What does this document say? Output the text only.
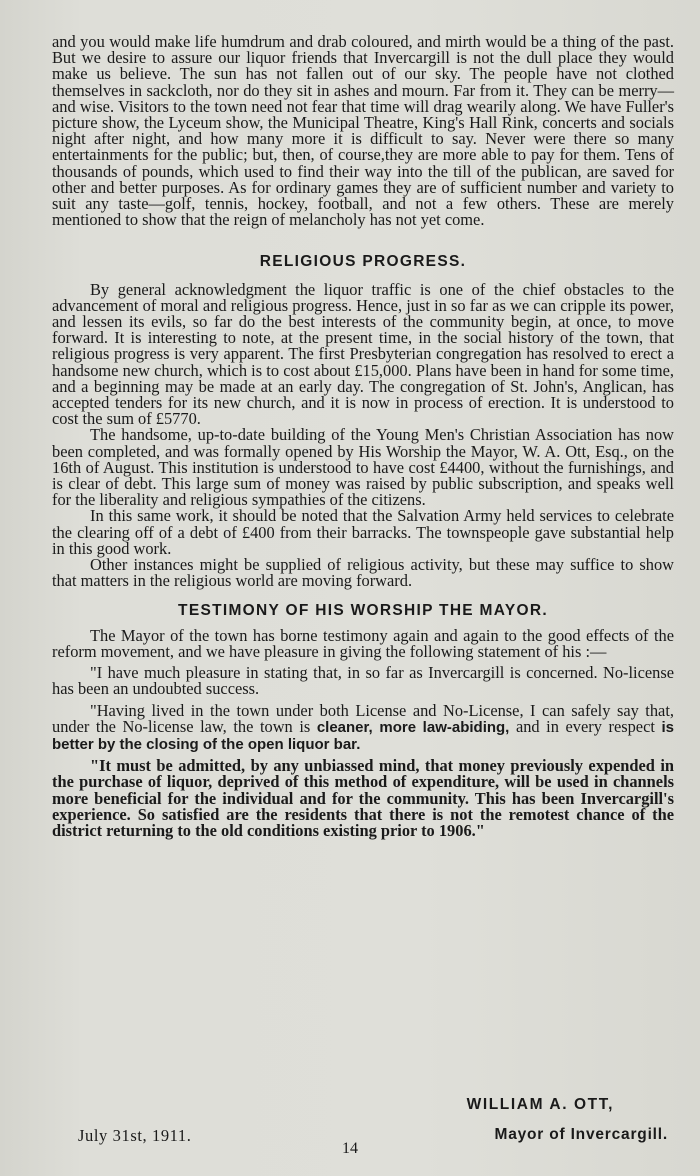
and you would make life humdrum and drab coloured, and mirth would be a thing of the past. But we desire to assure our liquor friends that Invercargill is not the dull place they would make us believe. The sun has not fallen out of our sky. The people have not clothed themselves in sackcloth, nor do they sit in ashes and mourn. Far from it. They can be merry—and wise. Visitors to the town need not fear that time will drag wearily along. We have Fuller's picture show, the Lyceum show, the Municipal Theatre, King's Hall Rink, concerts and socials night after night, and how many more it is difficult to say. Never were there so many entertainments for the public; but, then, of course,they are more able to pay for them. Tens of thousands of pounds, which used to find their way into the till of the publican, are saved for other and better purposes. As for ordinary games they are of sufficient number and variety to suit any taste—golf, tennis, hockey, football, and not a few others. These are merely mentioned to show that the reign of melancholy has not yet come.

RELIGIOUS PROGRESS.

By general acknowledgment the liquor traffic is one of the chief obstacles to the advancement of moral and religious progress. Hence, just in so far as we can cripple its power, and lessen its evils, so far do the best interests of the community begin, at once, to move forward. It is interesting to note, at the present time, in the social history of the town, that religious progress is very apparent. The first Presbyterian congregation has resolved to erect a handsome new church, which is to cost about £15,000. Plans have been in hand for some time, and a beginning may be made at an early day. The congregation of St. John's, Anglican, has accepted tenders for its new church, and it is now in process of erection. It is understood to cost the sum of £5770.

The handsome, up-to-date building of the Young Men's Christian Association has now been completed, and was formally opened by His Worship the Mayor, W. A. Ott, Esq., on the 16th of August. This institution is understood to have cost £4400, without the furnishings, and is clear of debt. This large sum of money was raised by public subscription, and speaks well for the liberality and religious sympathies of the citizens.

In this same work, it should be noted that the Salvation Army held services to celebrate the clearing off of a debt of £400 from their barracks. The townspeople gave substantial help in this good work.

Other instances might be supplied of religious activity, but these may suffice to show that matters in the religious world are moving forward.

TESTIMONY OF HIS WORSHIP THE MAYOR.

The Mayor of the town has borne testimony again and again to the good effects of the reform movement, and we have pleasure in giving the following statement of his :—

"I have much pleasure in stating that, in so far as Invercargill is concerned. No-license has been an undoubted success.

"Having lived in the town under both License and No-License, I can safely say that, under the No-license law, the town is cleaner, more law-abiding, and in every respect is better by the closing of the open liquor bar.

"It must be admitted, by any unbiassed mind, that money previously expended in the purchase of liquor, deprived of this method of expenditure, will be used in channels more beneficial for the individual and for the community. This has been Invercargill's experience. So satisfied are the residents that there is not the remotest chance of the district returning to the old conditions existing prior to 1906."

WILLIAM A. OTT,
July 31st, 1911.	Mayor of Invercargill.
14
